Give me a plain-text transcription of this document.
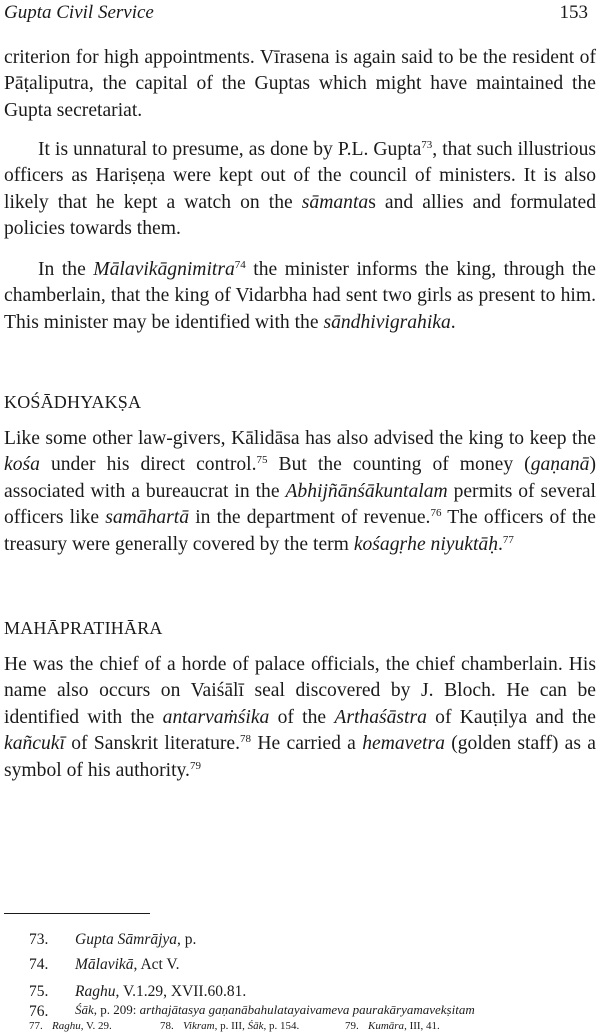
Gupta Civil Service	153

criterion for high appointments. Vīrasena is again said to be the resident of Pāṭaliputra, the capital of the Guptas which might have maintained the Gupta secretariat.

It is unnatural to presume, as done by P.L. Gupta$^{73}$, that such illustrious officers as Hariṣeṇa were kept out of the council of ministers. It is also likely that he kept a watch on the sāmantas and allies and formulated policies towards them.

In the Mālavikāgnimitra$^{74}$ the minister informs the king, through the chamberlain, that the king of Vidarbha had sent two girls as present to him. This minister may be identified with the sāndhivigrahika.

KOŚĀDHYAKṢA

Like some other law-givers, Kālidāsa has also advised the king to keep the kośa under his direct control.$^{75}$ But the counting of money (gaṇanā) associated with a bureaucrat in the Abhijñānśākuntalam permits of several officers like samāhartā in the department of revenue.$^{76}$ The officers of the treasury were generally covered by the term kośagṛhe niyuktāḥ.$^{77}$

MAHĀPRATIHĀRA

He was the chief of a horde of palace officials, the chief chamberlain. His name also occurs on Vaiśālī seal discovered by J. Bloch. He can be identified with the antarvaṁśika of the Arthaśāstra of Kauṭilya and the kañcukī of Sanskrit literature.$^{78}$ He carried a hemavetra (golden staff) as a symbol of his authority.$^{79}$

73.	Gupta Sāmrājya, p.
74.	Mālavikā, Act V.
75.	Raghu, V.1.29, XVII.60.81.
76.	Śāk, p. 209: arthajātasya gaṇanābahulatayaivameva paurakāryamavekṣitam
77. Raghu, V. 29.	78. Vikram, p. III, Śāk, p. 154.	79. Kumāra, III, 41.
